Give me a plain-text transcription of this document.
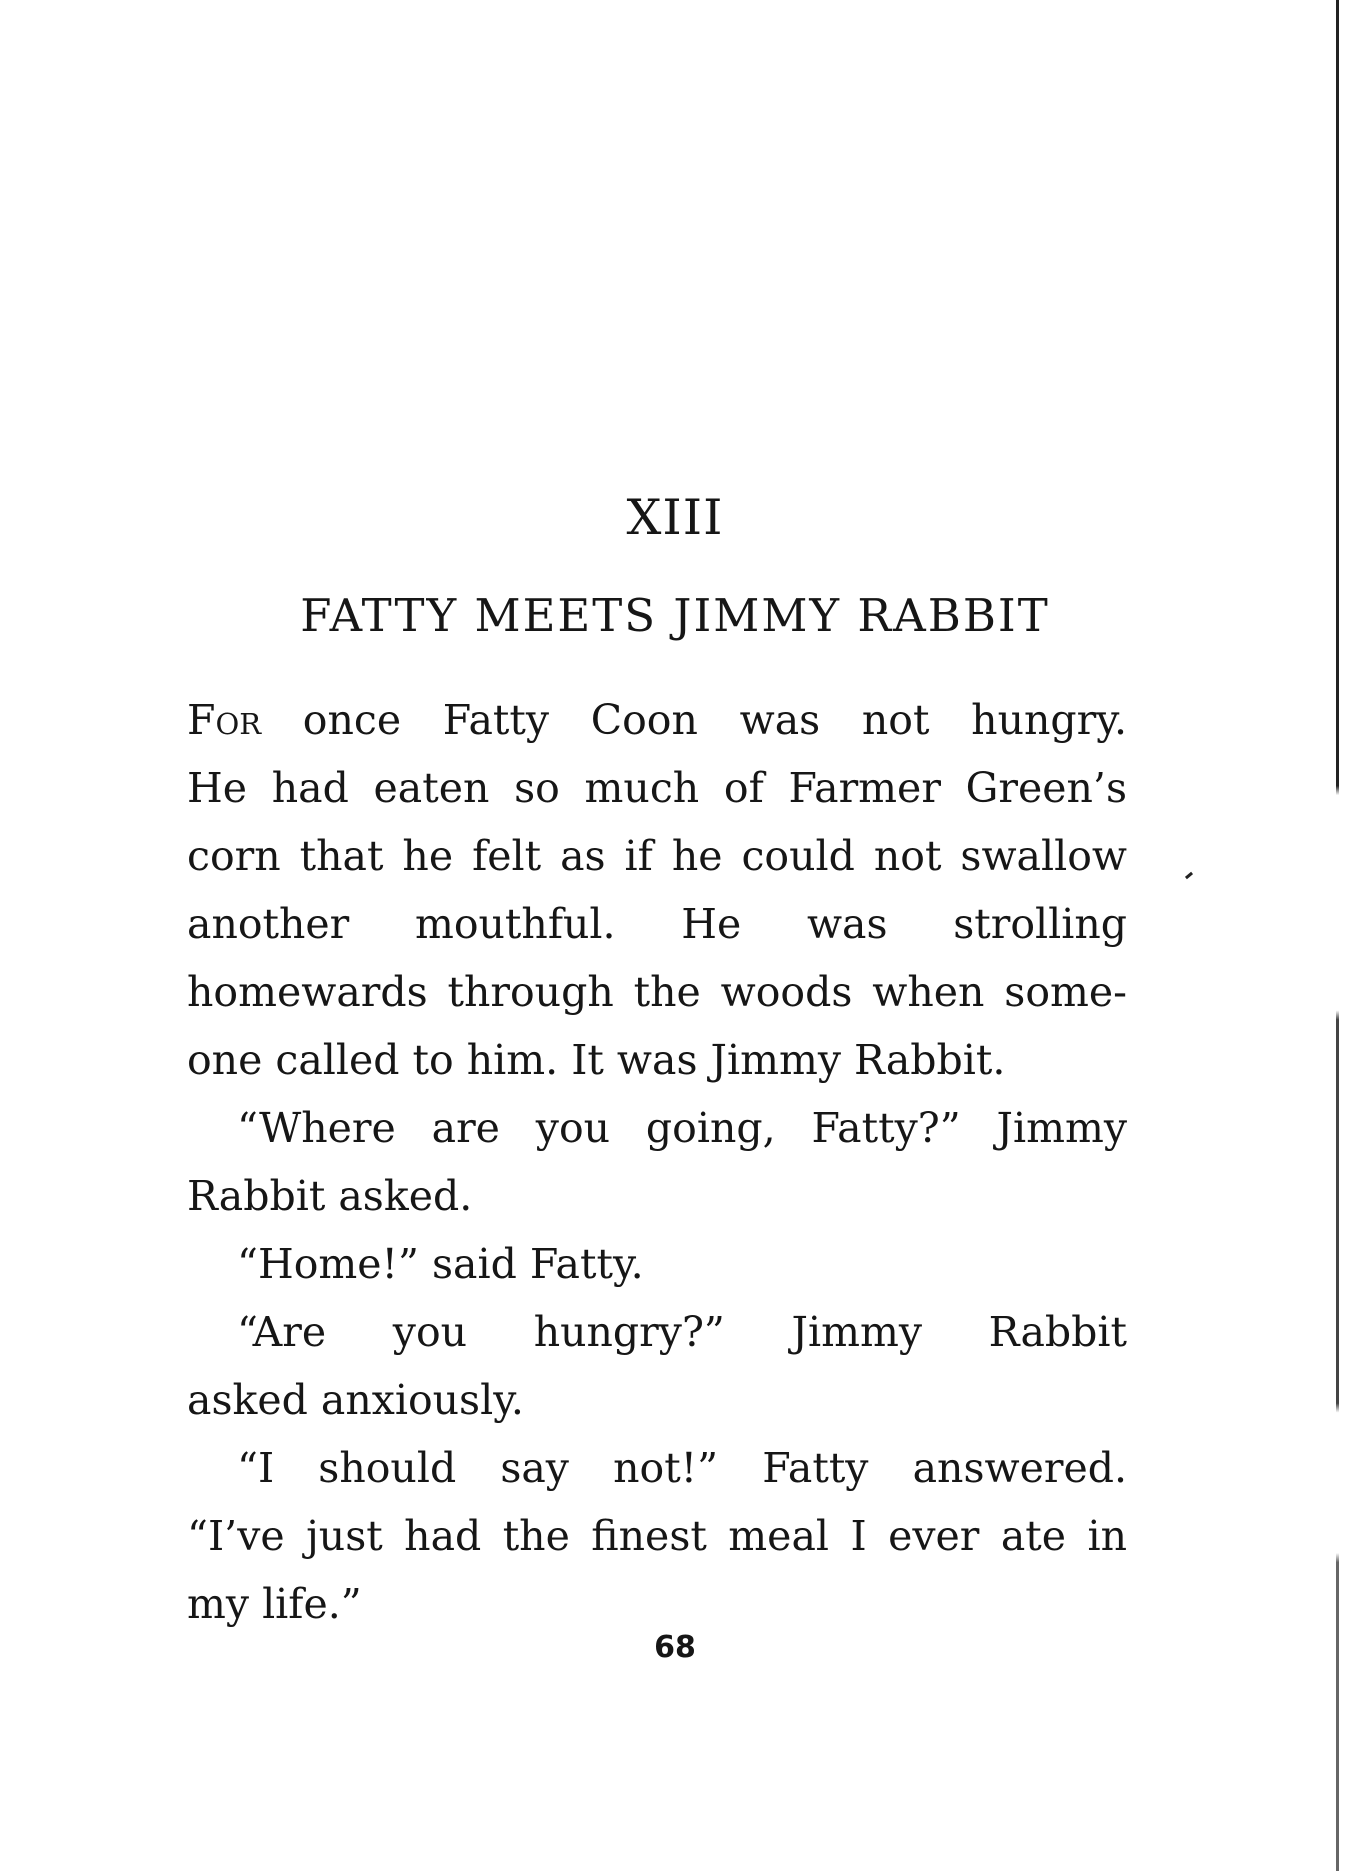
XIII
FATTY MEETS JIMMY RABBIT
For once Fatty Coon was not hungry.
He had eaten so much of Farmer Green’s
corn that he felt as if he could not swallow
another mouthful. He was strolling
homewards through the woods when some-
one called to him. It was Jimmy Rabbit.
“Where are you going, Fatty?” Jimmy
Rabbit asked.
“Home!” said Fatty.
“Are you hungry?” Jimmy Rabbit
asked anxiously.
“I should say not!” Fatty answered.
“I’ve just had the finest meal I ever ate in
my life.”
68
